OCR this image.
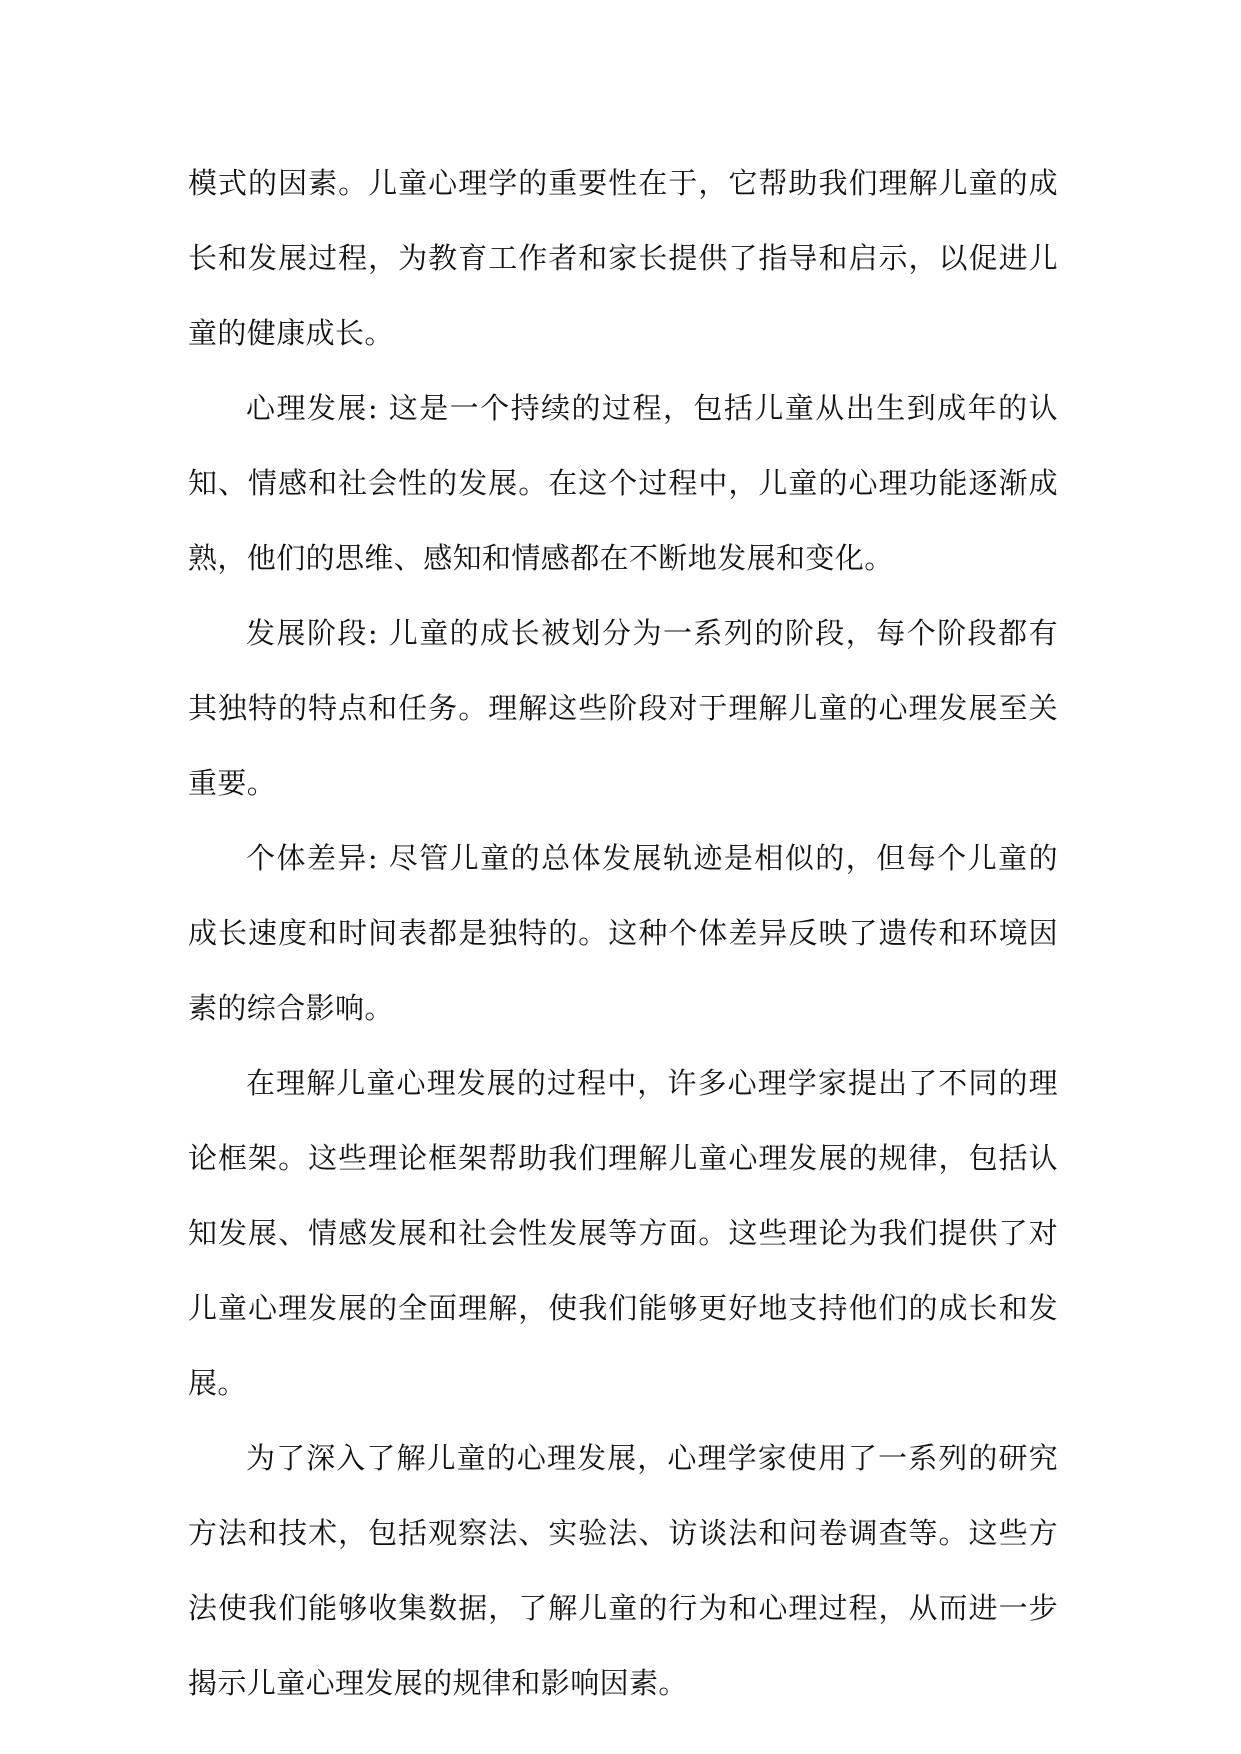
模式的因素。儿童心理学的重要性在于，它帮助我们理解儿童的成长和发展过程，为教育工作者和家长提供了指导和启示，以促进儿童的健康成长。

心理发展: 这是一个持续的过程，包括儿童从出生到成年的认知、情感和社会性的发展。在这个过程中，儿童的心理功能逐渐成熟，他们的思维、感知和情感都在不断地发展和变化。

发展阶段: 儿童的成长被划分为一系列的阶段，每个阶段都有其独特的特点和任务。理解这些阶段对于理解儿童的心理发展至关重要。

个体差异: 尽管儿童的总体发展轨迹是相似的，但每个儿童的成长速度和时间表都是独特的。这种个体差异反映了遗传和环境因素的综合影响。

在理解儿童心理发展的过程中，许多心理学家提出了不同的理论框架。这些理论框架帮助我们理解儿童心理发展的规律，包括认知发展、情感发展和社会性发展等方面。这些理论为我们提供了对儿童心理发展的全面理解，使我们能够更好地支持他们的成长和发展。

为了深入了解儿童的心理发展，心理学家使用了一系列的研究方法和技术，包括观察法、实验法、访谈法和问卷调查等。这些方法使我们能够收集数据，了解儿童的行为和心理过程，从而进一步揭示儿童心理发展的规律和影响因素。
